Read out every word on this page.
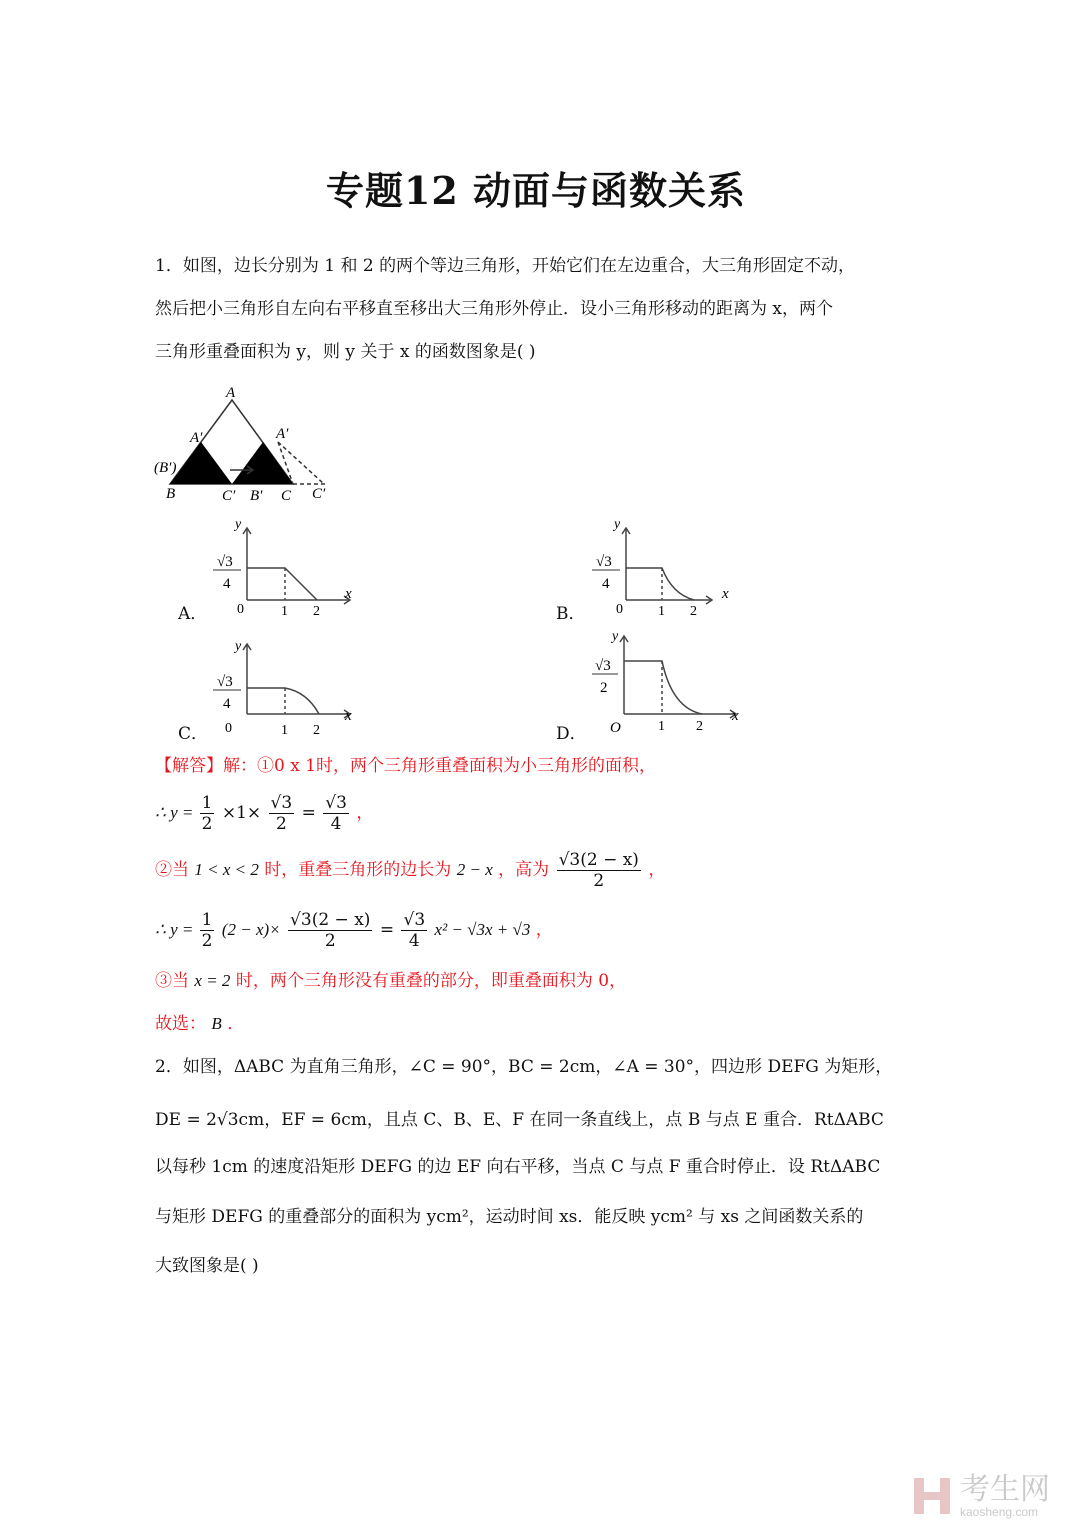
专题12 动面与函数关系
1．如图，边长分别为 1 和 2 的两个等边三角形，开始它们在左边重合，大三角形固定不动，
然后把小三角形自左向右平移直至移出大三角形外停止．设小三角形移动的距离为 x，两个
三角形重叠面积为 y，则 y 关于 x 的函数图象是( )
A
A′	A′
(B′)
B	C′ B′ C C′
A．	B．
C．	D．
√3
4
y
x
0	1 2
√3
4
y
x
0	1 2
√3
4
y
x
0	1 2
√3
2
y
x
O	1 2
【解答】解：①0 x 1时，两个三角形重叠面积为小三角形的面积，
∴ $y = \frac{1}{2} \times 1\times \frac{√3}{2} = \frac{√3}{4}$ ，
②当 1 < x < 2 时，重叠三角形的边长为 2 − x ，高为 $\frac{√3(2 - x)}{2}$ ，
∴ $y = \frac{1}{2} (2 - x)\times \frac{√3(2 - x)}{2} = \frac{√3}{4} x^2 - √3x + √3$ ，
③当 x = 2 时，两个三角形没有重叠的部分，即重叠面积为 0，
故选： B ．
2．如图，ΔABC 为直角三角形，∠C = 90°，BC = 2cm，∠A = 30°，四边形 DEFG 为矩形，
DE = 2√3cm，EF = 6cm，且点 C、B、E、F 在同一条直线上，点 B 与点 E 重合．RtΔABC
以每秒 1cm 的速度沿矩形 DEFG 的边 EF 向右平移，当点 C 与点 F 重合时停止．设 RtΔABC
与矩形 DEFG 的重叠部分的面积为 ycm²，运动时间 xs．能反映 ycm² 与 xs 之间函数关系的
大致图象是( )
考生网
kaosheng.com
